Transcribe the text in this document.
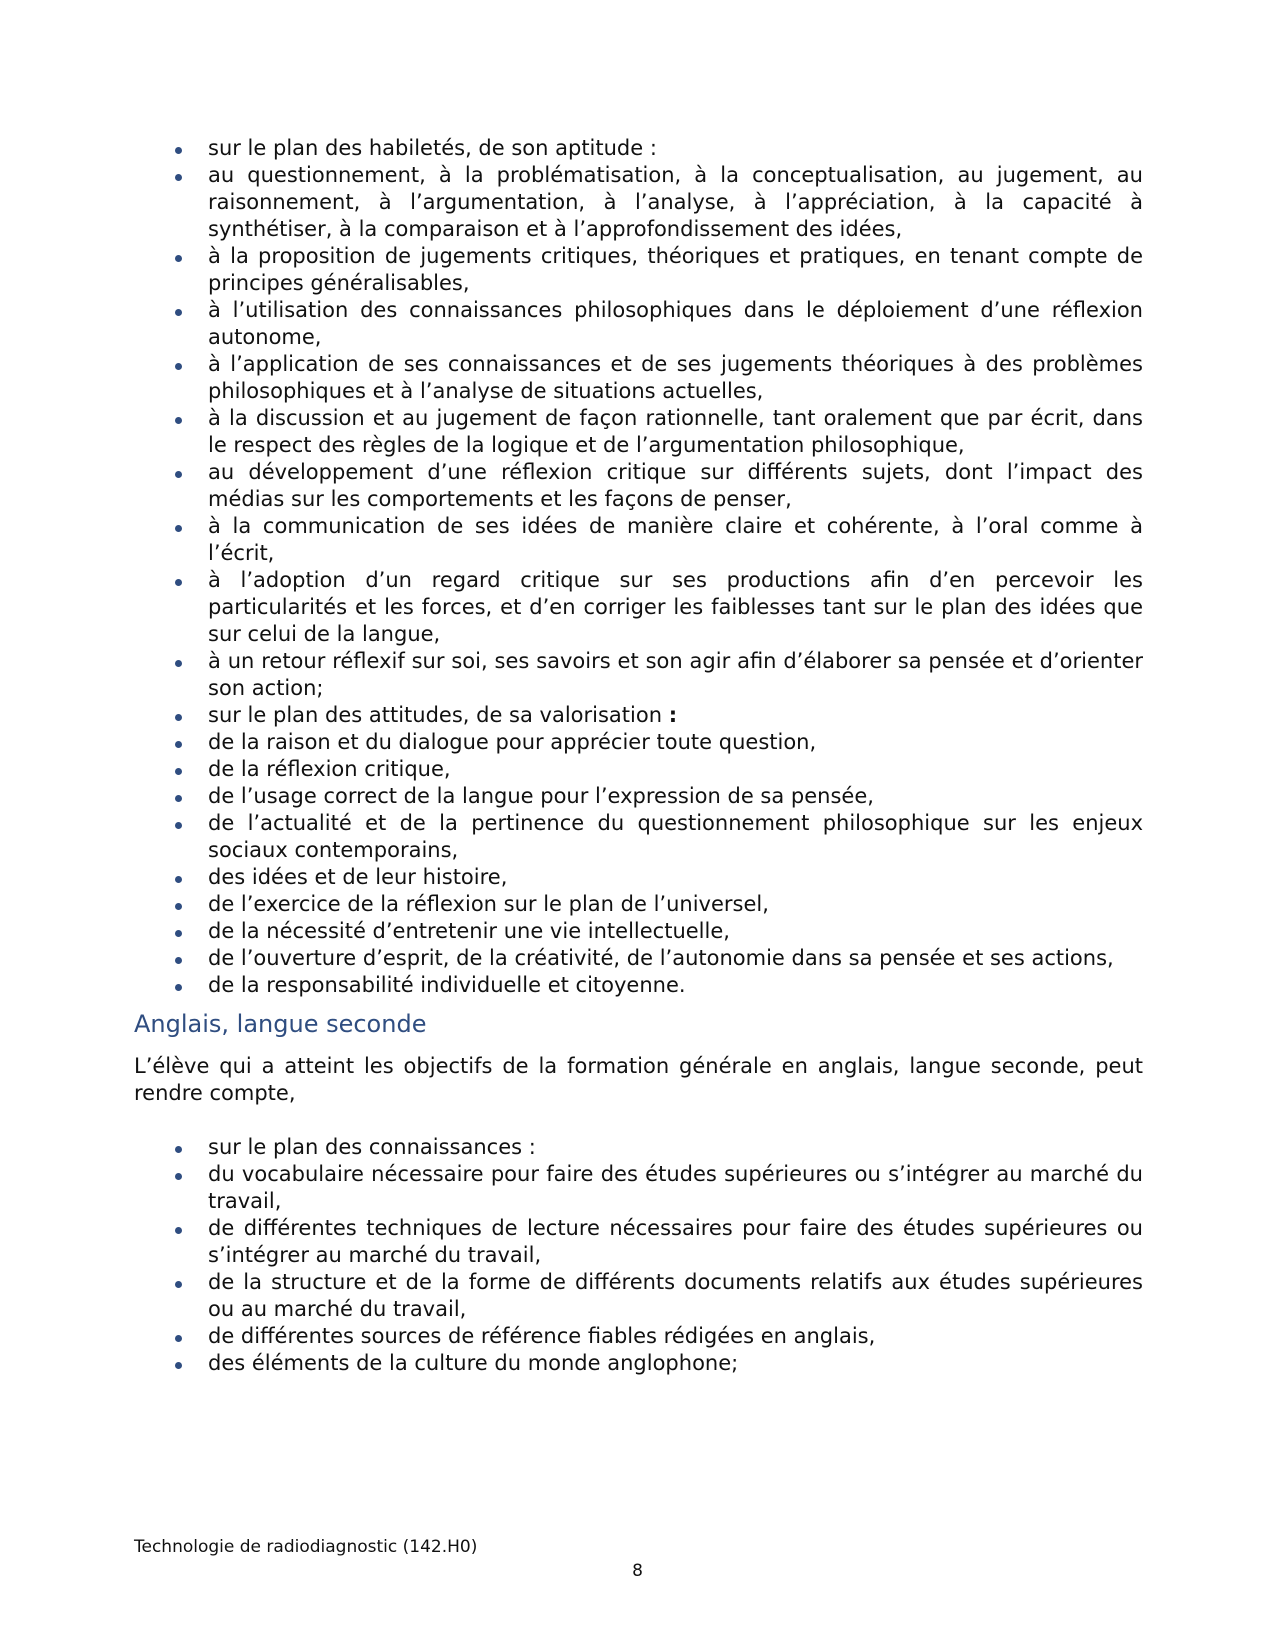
sur le plan des habiletés, de son aptitude :
au questionnement, à la problématisation, à la conceptualisation, au jugement, au raisonnement, à l’argumentation, à l’analyse, à l’appréciation, à la capacité à synthétiser, à la comparaison et à l’approfondissement des idées,
à la proposition de jugements critiques, théoriques et pratiques, en tenant compte de principes généralisables,
à l’utilisation des connaissances philosophiques dans le déploiement d’une réflexion autonome,
à l’application de ses connaissances et de ses jugements théoriques à des problèmes philosophiques et à l’analyse de situations actuelles,
à la discussion et au jugement de façon rationnelle, tant oralement que par écrit, dans le respect des règles de la logique et de l’argumentation philosophique,
au développement d’une réflexion critique sur différents sujets, dont l’impact des médias sur les comportements et les façons de penser,
à la communication de ses idées de manière claire et cohérente, à l’oral comme à l’écrit,
à l’adoption d’un regard critique sur ses productions afin d’en percevoir les particularités et les forces, et d’en corriger les faiblesses tant sur le plan des idées que sur celui de la langue,
à un retour réflexif sur soi, ses savoirs et son agir afin d’élaborer sa pensée et d’orienter son action;
sur le plan des attitudes, de sa valorisation :
de la raison et du dialogue pour apprécier toute question,
de la réflexion critique,
de l’usage correct de la langue pour l’expression de sa pensée,
de l’actualité et de la pertinence du questionnement philosophique sur les enjeux sociaux contemporains,
des idées et de leur histoire,
de l’exercice de la réflexion sur le plan de l’universel,
de la nécessité d’entretenir une vie intellectuelle,
de l’ouverture d’esprit, de la créativité, de l’autonomie dans sa pensée et ses actions,
de la responsabilité individuelle et citoyenne.
Anglais, langue seconde

L’élève qui a atteint les objectifs de la formation générale en anglais, langue seconde, peut rendre compte,

sur le plan des connaissances :
du vocabulaire nécessaire pour faire des études supérieures ou s’intégrer au marché du travail,
de différentes techniques de lecture nécessaires pour faire des études supérieures ou s’intégrer au marché du travail,
de la structure et de la forme de différents documents relatifs aux études supérieures ou au marché du travail,
de différentes sources de référence fiables rédigées en anglais,
des éléments de la culture du monde anglophone;
Technologie de radiodiagnostic (142.H0)
8
